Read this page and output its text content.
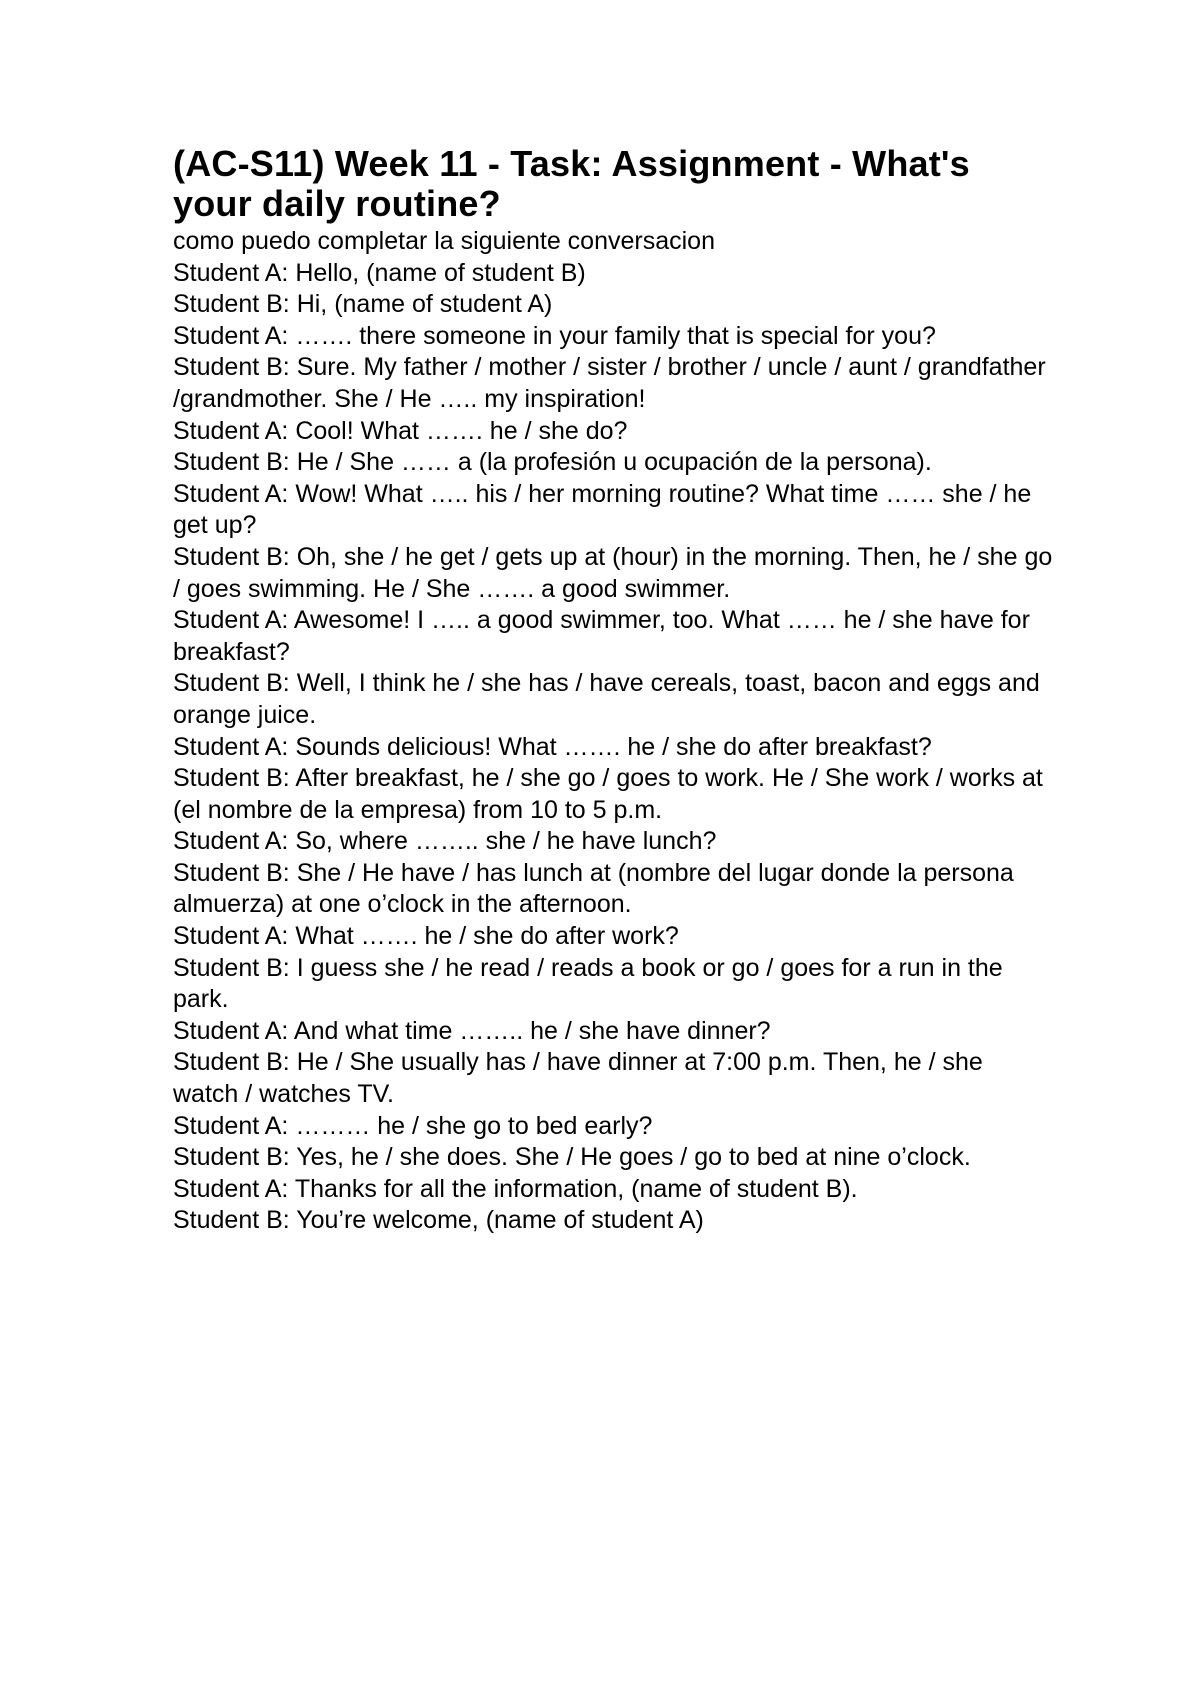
(AC-S11) Week 11 - Task: Assignment - What's your daily routine?

como puedo completar la siguiente conversacion

Student A: Hello, (name of student B)

Student B: Hi, (name of student A)

Student A: ……. there someone in your family that is special for you?

Student B: Sure. My father / mother / sister / brother / uncle / aunt / grandfather /grandmother. She / He ….. my inspiration!

Student A: Cool! What ……. he / she do?

Student B: He / She …… a (la profesión u ocupación de la persona).

Student A: Wow! What ….. his / her morning routine? What time …… she / he get up?

Student B: Oh, she / he get / gets up at (hour) in the morning. Then, he / she go / goes swimming. He / She ……. a good swimmer.

Student A: Awesome! I ….. a good swimmer, too. What …… he / she have for breakfast?

Student B: Well, I think he / she has / have cereals, toast, bacon and eggs and orange juice.

Student A: Sounds delicious! What ……. he / she do after breakfast?

Student B: After breakfast, he / she go / goes to work. He / She work / works at (el nombre de la empresa) from 10 to 5 p.m.

Student A: So, where …….. she / he have lunch?

Student B: She / He have / has lunch at (nombre del lugar donde la persona almuerza) at one o’clock in the afternoon.

Student A: What ……. he / she do after work?

Student B: I guess she / he read / reads a book or go / goes for a run in the park.

Student A: And what time …….. he / she have dinner?

Student B: He / She usually has / have dinner at 7:00 p.m. Then, he / she watch / watches TV.

Student A: ……… he / she go to bed early?

Student B: Yes, he / she does. She / He goes / go to bed at nine o’clock.

Student A: Thanks for all the information, (name of student B).

Student B: You’re welcome, (name of student A)
